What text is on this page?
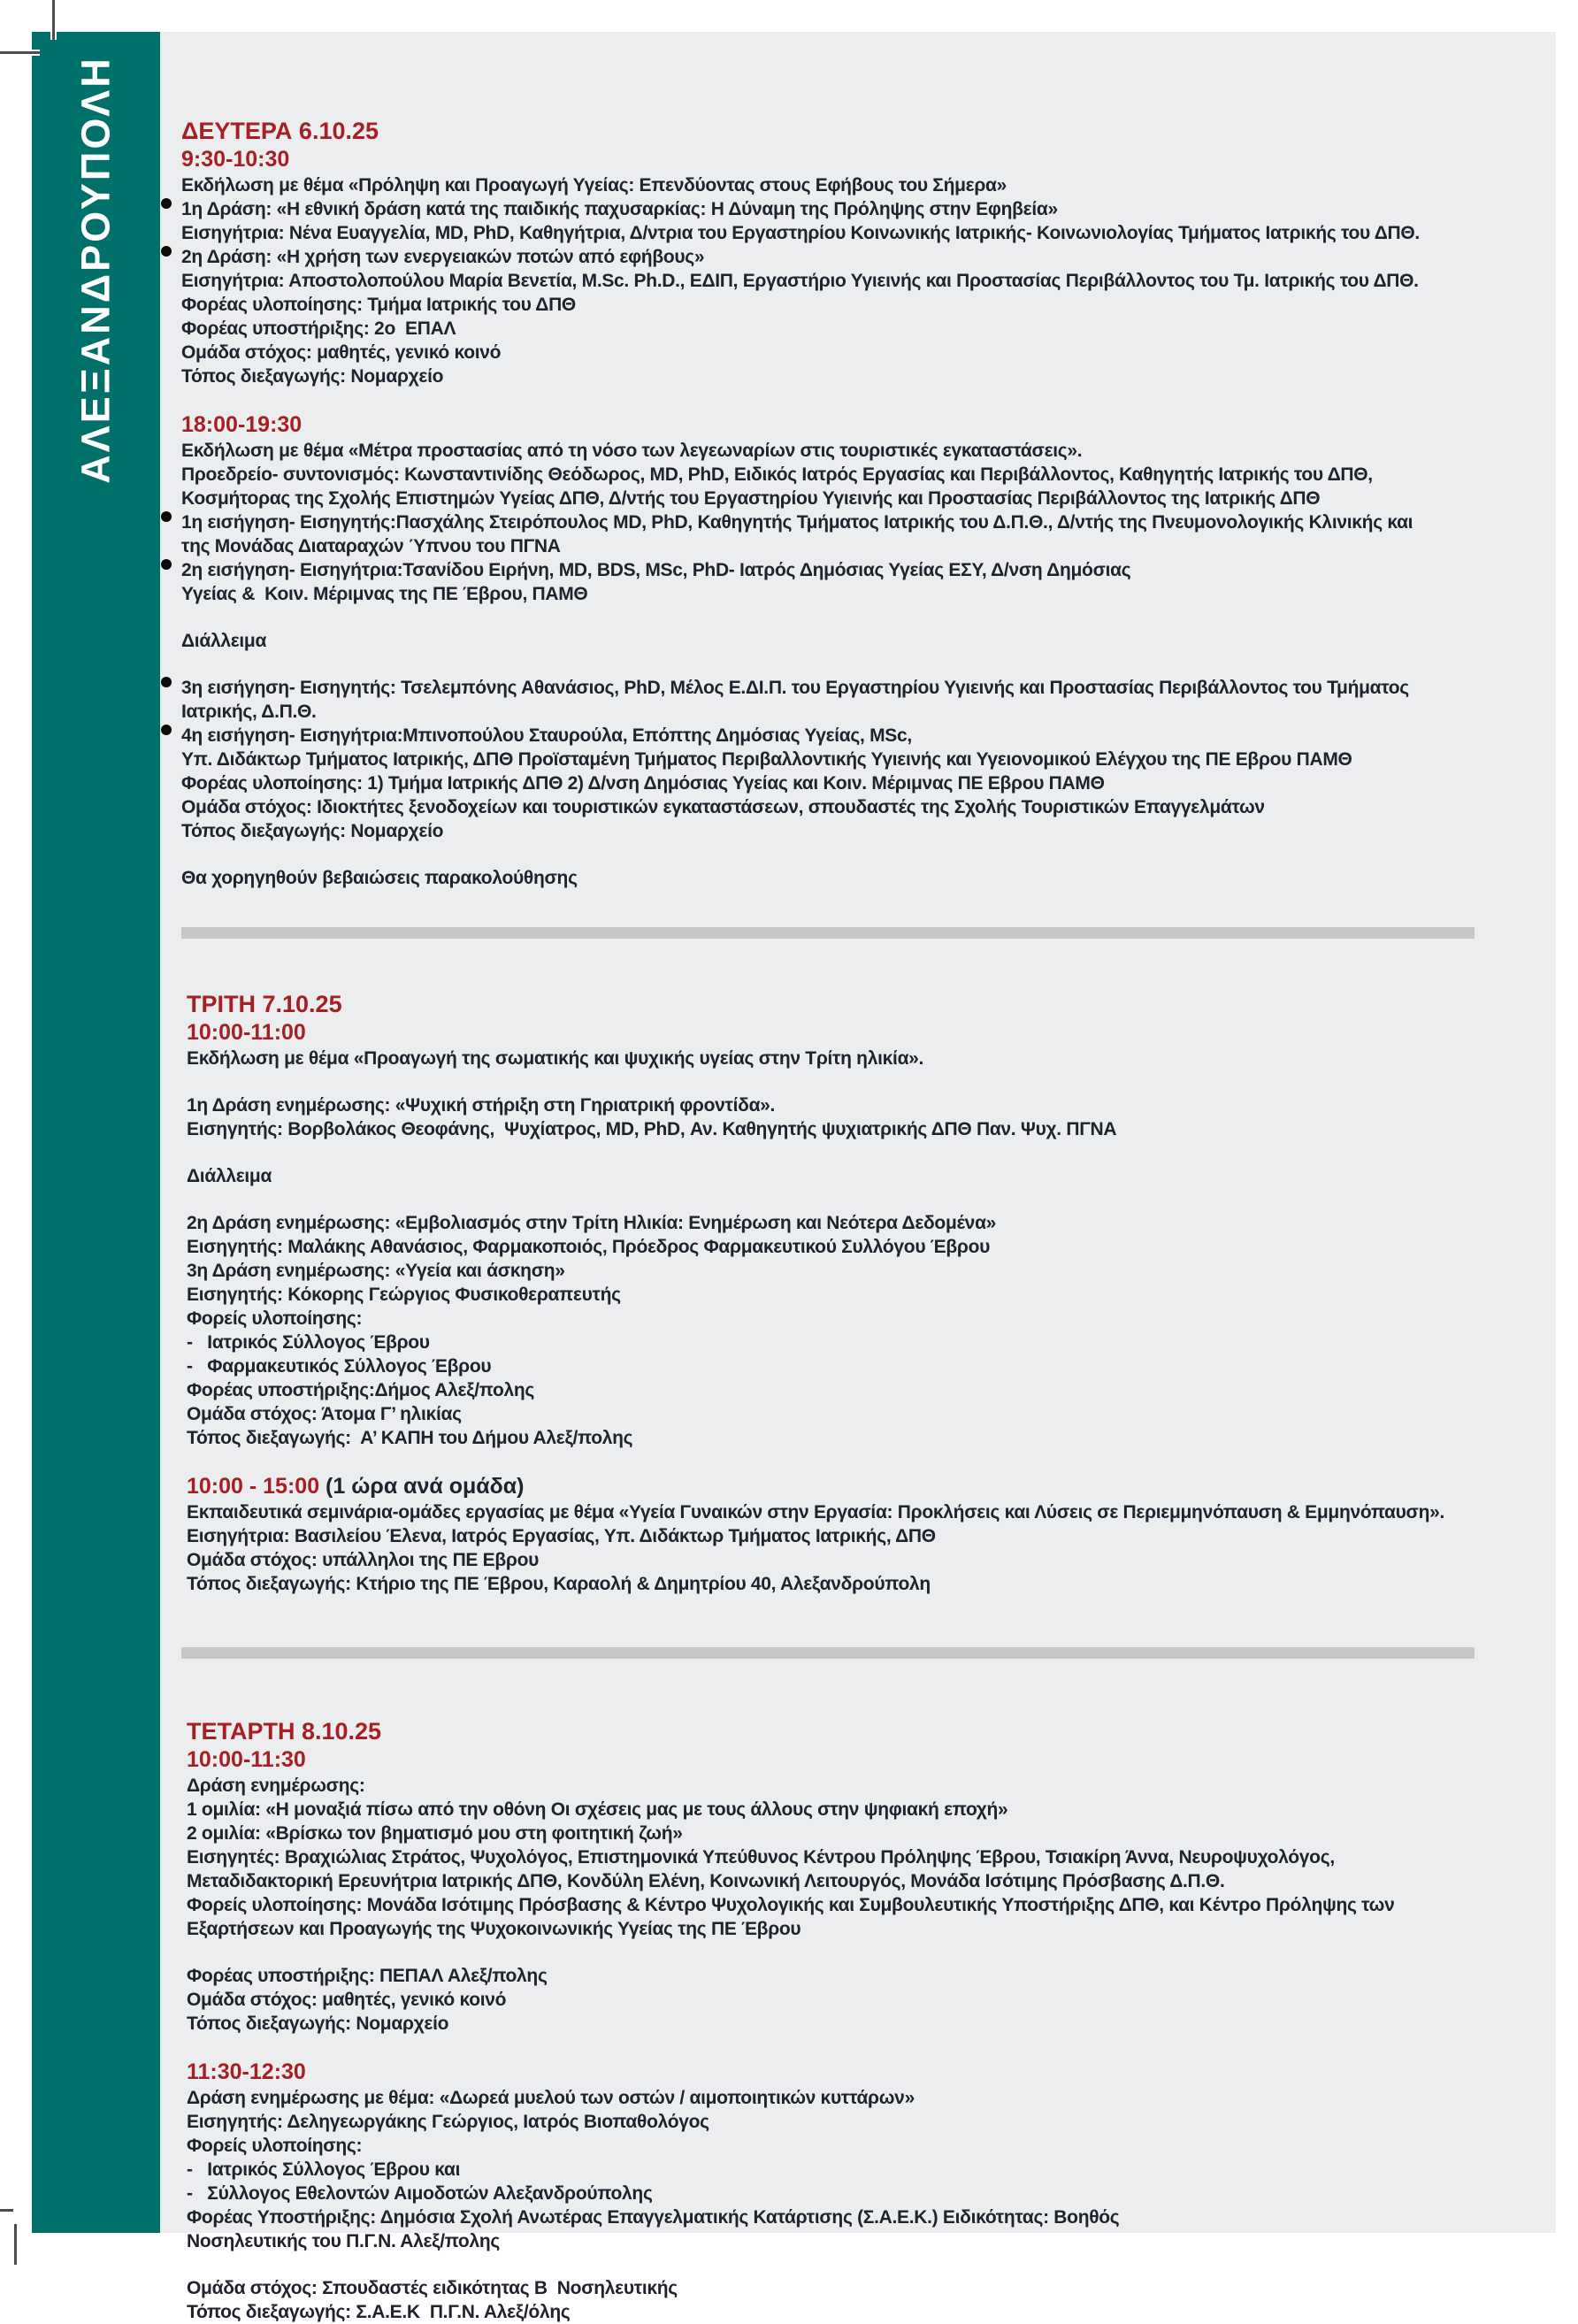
ΑΛΕΞΑΝΔΡΟΥΠΟΛΗ	ΔΕΥΤΕΡΑ 6.10.25
9:30-10:30
Εκδήλωση με θέμα «Πρόληψη και Προαγωγή Υγείας: Επενδύοντας στους Εφήβους του Σήμερα»
1η Δράση: «Η εθνική δράση κατά της παιδικής παχυσαρκίας: Η Δύναμη της Πρόληψης στην Εφηβεία»
Εισηγήτρια: Νένα Ευαγγελία, MD, PhD, Καθηγήτρια, Δ/ντρια του Εργαστηρίου Κοινωνικής Ιατρικής- Κοινωνιολογίας Τμήματος Ιατρικής του ΔΠΘ.
2η Δράση: «Η χρήση των ενεργειακών ποτών από εφήβους»
Εισηγήτρια: Αποστολοπούλου Μαρία Βενετία, M.Sc. Ph.D., ΕΔΙΠ, Εργαστήριο Υγιεινής και Προστασίας Περιβάλλοντος του Τμ. Ιατρικής του ΔΠΘ.
Φορέας υλοποίησης: Τμήμα Ιατρικής του ΔΠΘ
Φορέας υποστήριξης: 2ο  ΕΠΑΛ
Ομάδα στόχος: μαθητές, γενικό κοινό
Τόπος διεξαγωγής: Νομαρχείο
18:00-19:30
Εκδήλωση με θέμα «Μέτρα προστασίας από τη νόσο των λεγεωναρίων στις τουριστικές εγκαταστάσεις».
Προεδρείο- συντονισμός: Κωνσταντινίδης Θεόδωρος, MD, PhD, Ειδικός Ιατρός Εργασίας και Περιβάλλοντος, Καθηγητής Ιατρικής του ΔΠΘ,
Κοσμήτορας της Σχολής Επιστημών Υγείας ΔΠΘ, Δ/ντής του Εργαστηρίου Υγιεινής και Προστασίας Περιβάλλοντος της Ιατρικής ΔΠΘ
1η εισήγηση- Εισηγητής:Πασχάλης Στειρόπουλος MD, PhD, Καθηγητής Τμήματος Ιατρικής του Δ.Π.Θ., Δ/ντής της Πνευμονολογικής Κλινικής και
της Μονάδας Διαταραχών Ύπνου του ΠΓΝΑ
2η εισήγηση- Εισηγήτρια:Τσανίδου Ειρήνη, MD, BDS, MSc, PhD- Ιατρός Δημόσιας Υγείας ΕΣΥ, Δ/νση Δημόσιας
Υγείας &  Κοιν. Μέριμνας της ΠΕ Έβρου, ΠΑΜΘ
Διάλλειμα
3η εισήγηση- Εισηγητής: Τσελεμπόνης Αθανάσιος, PhD, Μέλος Ε.ΔΙ.Π. του Εργαστηρίου Υγιεινής και Προστασίας Περιβάλλοντος του Τμήματος
Ιατρικής, Δ.Π.Θ.
4η εισήγηση- Εισηγήτρια:Μπινοπούλου Σταυρούλα, Επόπτης Δημόσιας Υγείας, MSc,
Υπ. Διδάκτωρ Τμήματος Ιατρικής, ΔΠΘ Προϊσταμένη Τμήματος Περιβαλλοντικής Υγιεινής και Υγειονομικού Ελέγχου της ΠΕ Εβρου ΠΑΜΘ
Φορέας υλοποίησης: 1) Τμήμα Ιατρικής ΔΠΘ 2) Δ/νση Δημόσιας Υγείας και Κοιν. Μέριμνας ΠΕ Εβρου ΠΑΜΘ
Ομάδα στόχος: Ιδιοκτήτες ξενοδοχείων και τουριστικών εγκαταστάσεων, σπουδαστές της Σχολής Τουριστικών Επαγγελμάτων
Τόπος διεξαγωγής: Νομαρχείο
Θα χορηγηθούν βεβαιώσεις παρακολούθησης
ΤΡΙΤΗ 7.10.25
10:00-11:00
Εκδήλωση με θέμα «Προαγωγή της σωματικής και ψυχικής υγείας στην Τρίτη ηλικία».
1η Δράση ενημέρωσης: «Ψυχική στήριξη στη Γηριατρική φροντίδα».
Εισηγητής: Βορβολάκος Θεοφάνης,  Ψυχίατρος, MD, PhD, Αν. Καθηγητής ψυχιατρικής ΔΠΘ Παν. Ψυχ. ΠΓΝΑ
Διάλλειμα
2η Δράση ενημέρωσης: «Εμβολιασμός στην Τρίτη Ηλικία: Ενημέρωση και Νεότερα Δεδομένα»
Εισηγητής: Μαλάκης Αθανάσιος, Φαρμακοποιός, Πρόεδρος Φαρμακευτικού Συλλόγου Έβρου
3η Δράση ενημέρωσης: «Υγεία και άσκηση»
Εισηγητής: Κόκορης Γεώργιος Φυσικοθεραπευτής
Φορείς υλοποίησης:
-   Ιατρικός Σύλλογος Έβρου
-   Φαρμακευτικός Σύλλογος Έβρου
Φορέας υποστήριξης:Δήμος Αλεξ/πολης
Ομάδα στόχος: Άτομα Γ’ ηλικίας
Τόπος διεξαγωγής:  Α’ ΚΑΠΗ του Δήμου Αλεξ/πολης
10:00 - 15:00 (1 ώρα ανά ομάδα)
Εκπαιδευτικά σεμινάρια-ομάδες εργασίας με θέμα «Υγεία Γυναικών στην Εργασία: Προκλήσεις και Λύσεις σε Περιεμμηνόπαυση & Εμμηνόπαυση».
Εισηγήτρια: Βασιλείου Έλενα, Ιατρός Εργασίας, Υπ. Διδάκτωρ Τμήματος Ιατρικής, ΔΠΘ
Ομάδα στόχος: υπάλληλοι της ΠΕ Εβρου
Τόπος διεξαγωγής: Κτήριο της ΠΕ Έβρου, Καραολή & Δημητρίου 40, Αλεξανδρούπολη
ΤΕΤΑΡΤΗ 8.10.25
10:00-11:30
Δράση ενημέρωσης:
1 ομιλία: «Η μοναξιά πίσω από την οθόνη Οι σχέσεις μας με τους άλλους στην ψηφιακή εποχή»
2 ομιλία: «Βρίσκω τον βηματισμό μου στη φοιτητική ζωή»
Εισηγητές: Βραχιώλιας Στράτος, Ψυχολόγος, Επιστημονικά Υπεύθυνος Κέντρου Πρόληψης Έβρου, Τσιακίρη Άννα, Νευροψυχολόγος,
Μεταδιδακτορική Ερευνήτρια Ιατρικής ΔΠΘ, Κονδύλη Ελένη, Κοινωνική Λειτουργός, Μονάδα Ισότιμης Πρόσβασης Δ.Π.Θ.
Φορείς υλοποίησης: Μονάδα Ισότιμης Πρόσβασης & Κέντρο Ψυχολογικής και Συμβουλευτικής Υποστήριξης ΔΠΘ, και Κέντρο Πρόληψης των
Εξαρτήσεων και Προαγωγής της Ψυχοκοινωνικής Υγείας της ΠΕ Έβρου
Φορέας υποστήριξης: ΠΕΠΑΛ Αλεξ/πολης
Ομάδα στόχος: μαθητές, γενικό κοινό
Τόπος διεξαγωγής: Νομαρχείο
11:30-12:30
Δράση ενημέρωσης με θέμα: «Δωρεά μυελού των οστών / αιμοποιητικών κυττάρων»
Εισηγητής: Δεληγεωργάκης Γεώργιος, Ιατρός Βιοπαθολόγος
Φορείς υλοποίησης:
-   Ιατρικός Σύλλογος Έβρου και
-   Σύλλογος Εθελοντών Αιμοδοτών Αλεξανδρούπολης
Φορέας Υποστήριξης: Δημόσια Σχολή Ανωτέρας Επαγγελματικής Κατάρτισης (Σ.Α.Ε.Κ.) Ειδικότητας: Βοηθός
Νοσηλευτικής του Π.Γ.Ν. Αλεξ/πολης
Ομάδα στόχος: Σπουδαστές ειδικότητας Β  Νοσηλευτικής
Τόπος διεξαγωγής: Σ.Α.Ε.Κ  Π.Γ.Ν. Αλεξ/όλης
